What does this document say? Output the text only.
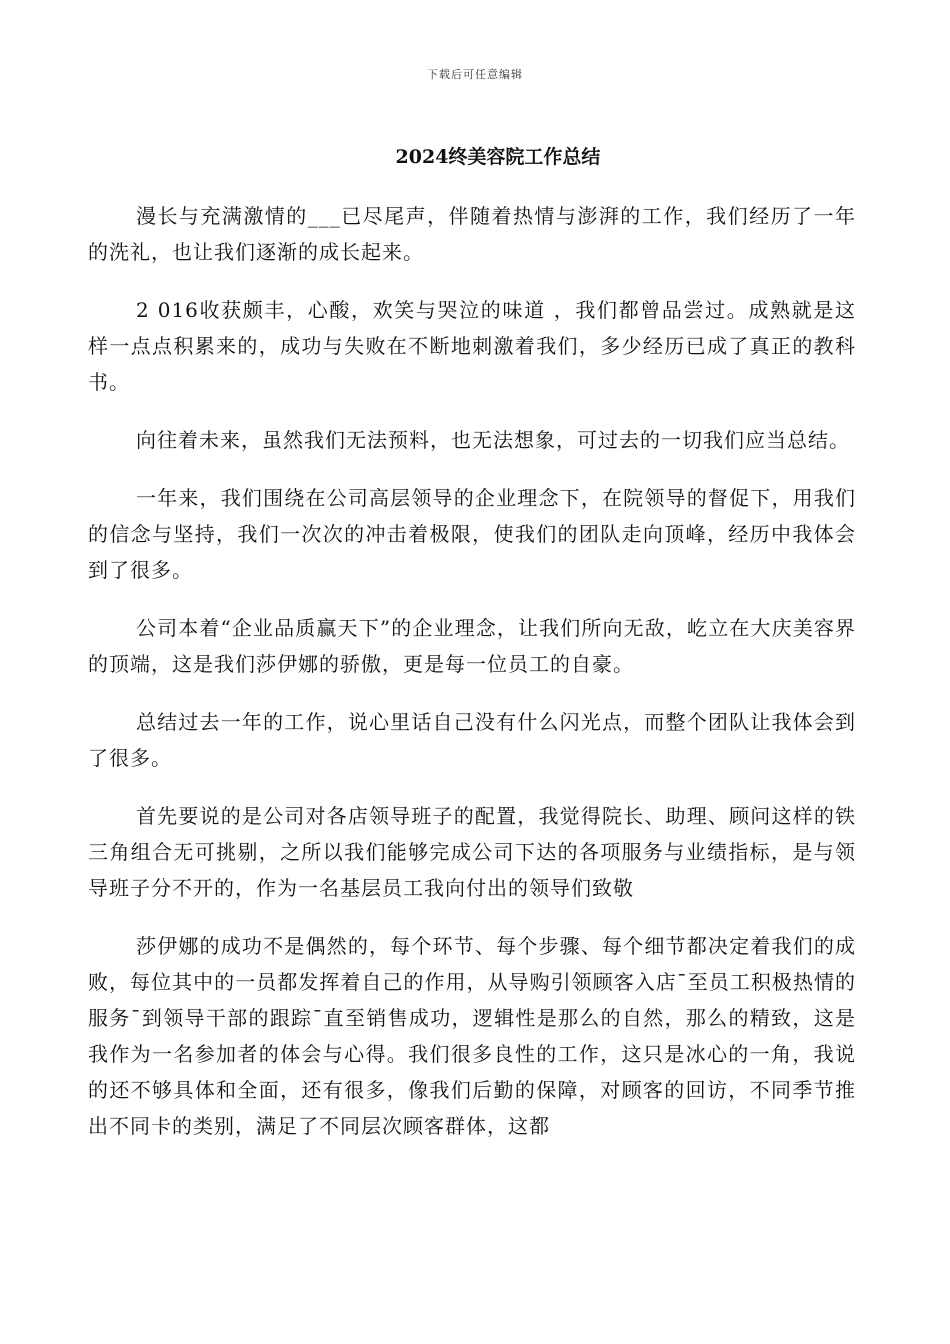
下载后可任意编辑
2024终美容院工作总结

漫长与充满激情的___已尽尾声，伴随着热情与澎湃的工作，我们经历了一年的洗礼，也让我们逐渐的成长起来。

2 016收获颇丰，心酸，欢笑与哭泣的味道 ，我们都曾品尝过。成熟就是这样一点点积累来的，成功与失败在不断地刺激着我们，多少经历已成了真正的教科书。

向往着未来，虽然我们无法预料，也无法想象，可过去的一切我们应当总结。

一年来，我们围绕在公司高层领导的企业理念下，在院领导的督促下，用我们的信念与坚持，我们一次次的冲击着极限，使我们的团队走向顶峰，经历中我体会到了很多。

公司本着“企业品质赢天下”的企业理念，让我们所向无敌，屹立在大庆美容界的顶端，这是我们莎伊娜的骄傲，更是每一位员工的自豪。

总结过去一年的工作，说心里话自己没有什么闪光点，而整个团队让我体会到了很多。

首先要说的是公司对各店领导班子的配置，我觉得院长、助理、顾问这样的铁三角组合无可挑剔，之所以我们能够完成公司下达的各项服务与业绩指标，是与领导班子分不开的，作为一名基层员工我向付出的领导们致敬

莎伊娜的成功不是偶然的，每个环节、每个步骤、每个细节都决定着我们的成败，每位其中的一员都发挥着自己的作用，从导购引领顾客入店¯至员工积极热情的服务¯到领导干部的跟踪¯直至销售成功，逻辑性是那么的自然，那么的精致，这是我作为一名参加者的体会与心得。我们很多良性的工作，这只是冰心的一角，我说的还不够具体和全面，还有很多，像我们后勤的保障，对顾客的回访，不同季节推出不同卡的类别，满足了不同层次顾客群体，这都
